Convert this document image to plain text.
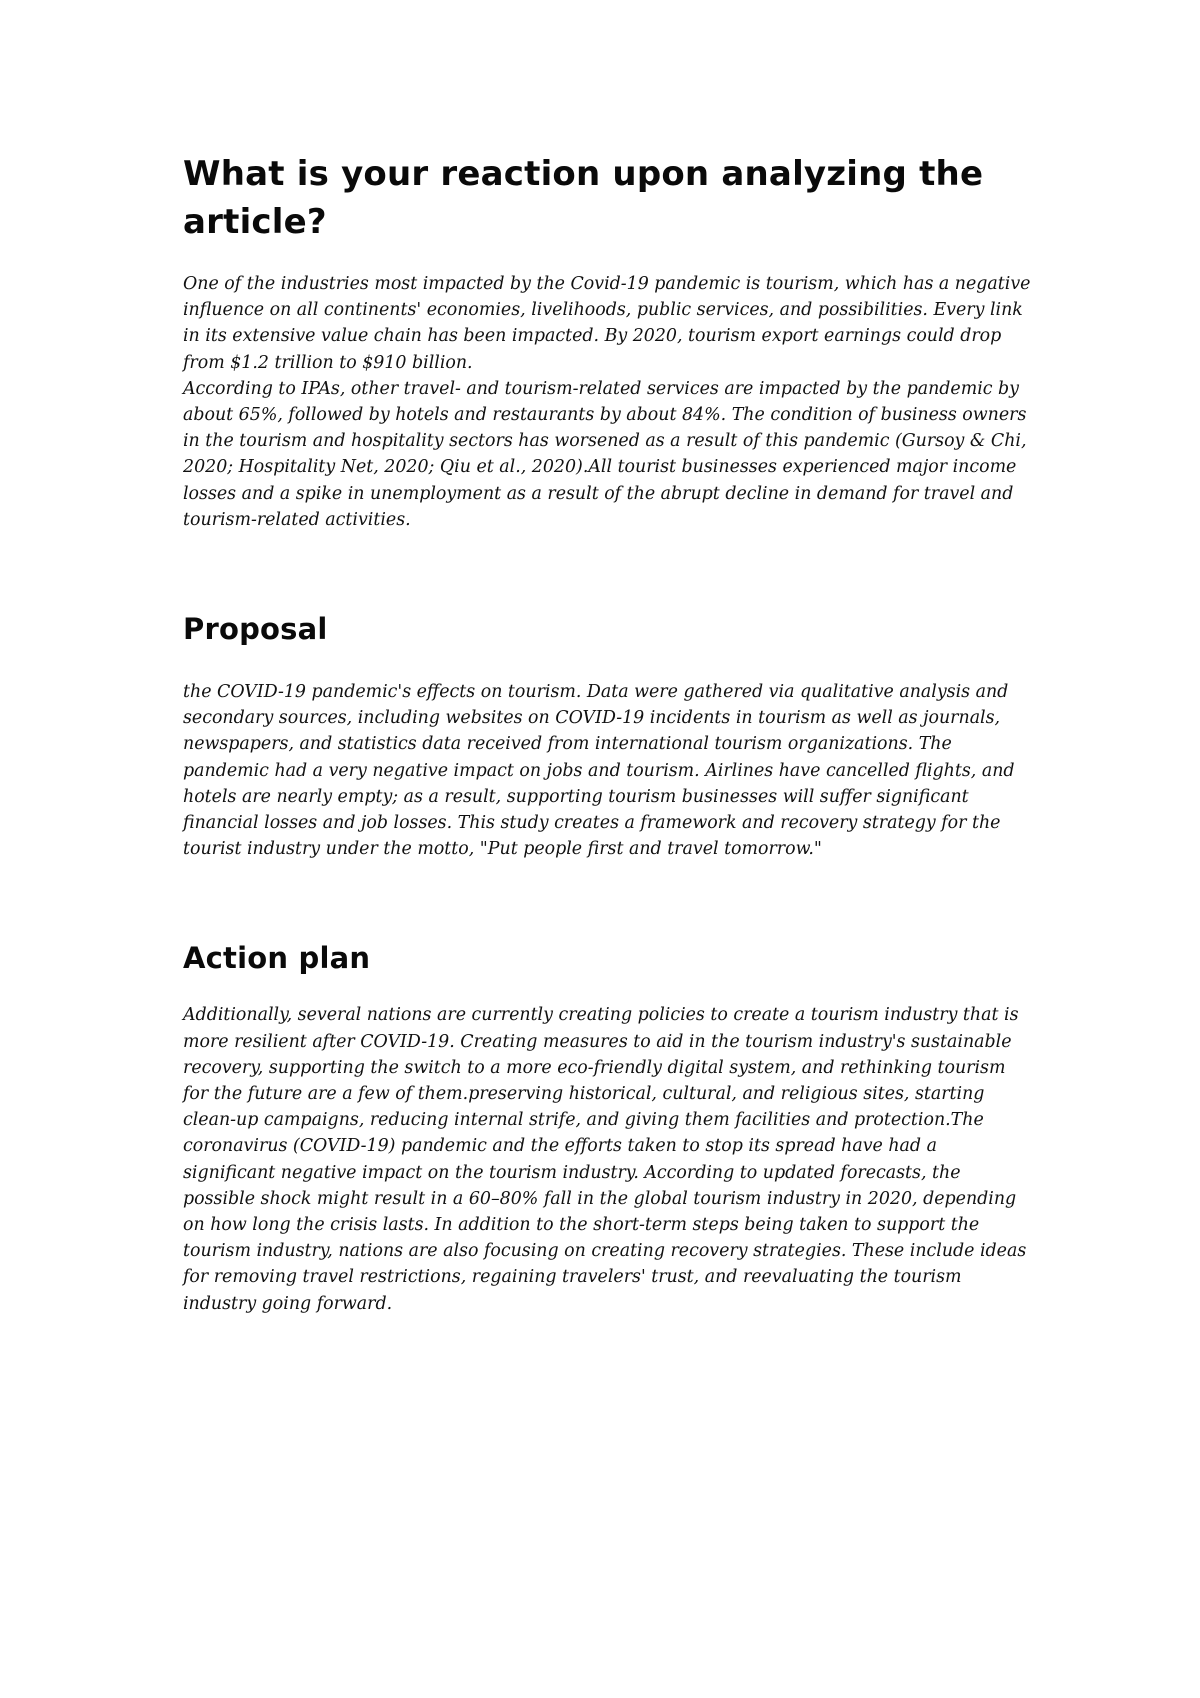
What is your reaction upon analyzing the article?

One of the industries most impacted by the Covid-19 pandemic is tourism, which has a negative influence on all continents' economies, livelihoods, public services, and possibilities. Every link in its extensive value chain has been impacted. By 2020, tourism export earnings could drop from $1.2 trillion to $910 billion.

According to IPAs, other travel- and tourism-related services are impacted by the pandemic by about 65%, followed by hotels and restaurants by about 84%. The condition of business owners in the tourism and hospitality sectors has worsened as a result of this pandemic (Gursoy & Chi, 2020; Hospitality Net, 2020; Qiu et al., 2020).All tourist businesses experienced major income losses and a spike in unemployment as a result of the abrupt decline in demand for travel and tourism-related activities.

Proposal

the COVID-19 pandemic's effects on tourism. Data were gathered via qualitative analysis and secondary sources, including websites on COVID-19 incidents in tourism as well as journals, newspapers, and statistics data received from international tourism organizations. The pandemic had a very negative impact on jobs and tourism. Airlines have cancelled flights, and hotels are nearly empty; as a result, supporting tourism businesses will suffer significant financial losses and job losses. This study creates a framework and recovery strategy for the tourist industry under the motto, "Put people first and travel tomorrow."

Action plan

Additionally, several nations are currently creating policies to create a tourism industry that is more resilient after COVID-19. Creating measures to aid in the tourism industry's sustainable recovery, supporting the switch to a more eco-friendly digital system, and rethinking tourism for the future are a few of them.preserving historical, cultural, and religious sites, starting clean-up campaigns, reducing internal strife, and giving them facilities and protection.The coronavirus (COVID-19) pandemic and the efforts taken to stop its spread have had a significant negative impact on the tourism industry. According to updated forecasts, the possible shock might result in a 60–80% fall in the global tourism industry in 2020, depending on how long the crisis lasts. In addition to the short-term steps being taken to support the tourism industry, nations are also focusing on creating recovery strategies. These include ideas for removing travel restrictions, regaining travelers' trust, and reevaluating the tourism industry going forward.
